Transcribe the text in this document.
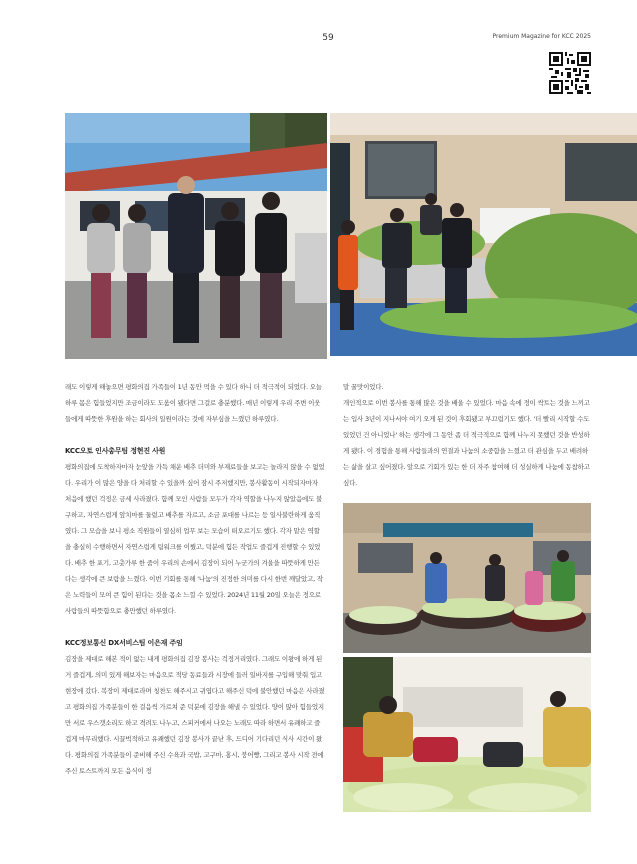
59	Premium Magazine for KCC 2025

래도 이렇게 해놓으면 평화의집 가족들이 1년 동안 먹을 수 있다 하니 더 적극적이 되었다. 오늘 하루 몸은 힘들었지만 조금이라도 도움이 됐다면 그걸로 충분했다. 매년 이렇게 우리 주변 이웃들에게 따뜻한 후원을 하는 회사의 일원이라는 것에 자부심을 느꼈던 하루였다.

KCC오토 인사총무팀 정현진 사원

평화의집에 도착하자마자 눈앞을 가득 채운 배추 더미와 부재료들을 보고는 놀라지 않을 수 없었다. 우리가 이 많은 양을 다 처리할 수 있을까 싶어 잠시 주저했지만, 봉사활동이 시작되자마자 처음에 했던 걱정은 금세 사라졌다. 함께 모인 사람들 모두가 각자 역할을 나누지 않았음에도 불구하고, 자연스럽게 앞치마를 둘렀고 배추를 자르고, 소금 포대를 나르는 등 일사불란하게 움직였다. 그 모습을 보니 평소 직원들이 열심히 업무 보는 모습이 떠오르기도 했다. 각자 맡은 역할을 충실히 수행하면서 자연스럽게 팀워크를 이뤘고, 덕분에 힘든 작업도 즐겁게 진행할 수 있었다. 배추 한 포기, 고춧가루 한 줌이 우리의 손에서 김장이 되어 누군가의 겨울을 따뜻하게 만든다는 생각에 큰 보람을 느꼈다. 이번 기회를 통해 '나눔'의 진정한 의미를 다시 한번 깨달았고, 작은 노력들이 모여 큰 힘이 된다는 것을 몸소 느낄 수 있었다. 2024년 11월 20일 오늘은 정으로 사람들의 따뜻함으로 충만했던 하루였다.

KCC정보통신 DX서비스팀 이은재 주임

김장을 제대로 해본 적이 없는 내게 평화의집 김장 봉사는 걱정거리였다. 그래도 이왕에 하게 된 거 즐겁게, 의미 있게 해보자는 마음으로 적당 동료들과 시장에 들러 일바지를 구입해 맞춰 입고 현장에 갔다. 복장이 제대로라며 칭찬도 해주시고 귀엽다고 해주신 덕에 불안했던 마음은 사라졌고 평화의집 가족분들이 한 걸음씩 가르쳐 준 덕분에 김장을 해낼 수 있었다. 양이 많아 힘들었지만 서로 우스갯소리도 하고 격려도 나누고, 스피커에서 나오는 노래도 따라 하면서 유쾌하고 즐겁게 마무리했다. 시끌벅적하고 유쾌했던 김장 봉사가 끝난 후, 드디어 기다리던 식사 시간이 왔다. 평화의집 가족분들이 준비해 주신 수육과 국밥, 고구마, 홍시, 붕어빵, 그리고 봉사 시작 전에 주신 토스트까지 모든 음식이 정

말 꿀맛이었다.

개인적으로 이번 봉사를 통해 많은 것을 배울 수 있었다. 마음 속에 정이 싹트는 것을 느끼고는 입사 3년이 지나서야 여기 오게 된 것이 후회됐고 부끄럽기도 했다. '더 빨리 시작할 수도 있었던 건 아니었나' 하는 생각에 그 동안 좀 더 적극적으로 함께 나누지 못했던 것을 반성하게 됐다. 이 경험을 통해 사람들과의 연결과 나눔의 소중함을 느꼈고 더 관심을 두고 배려하는 삶을 살고 싶어졌다. 앞으로 기회가 있는 한 더 자주 참여해 더 성실하게 나눔에 동참하고 싶다.
